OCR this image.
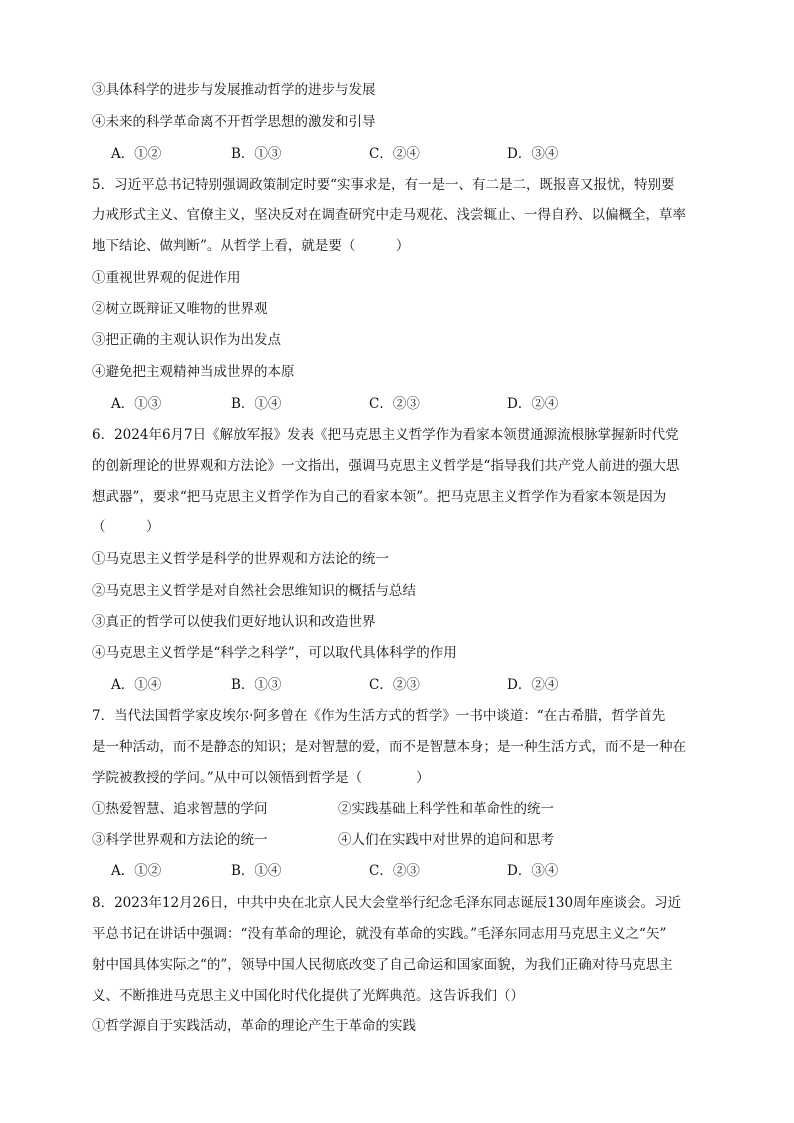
③具体科学的进步与发展推动哲学的进步与发展
④未来的科学革命离不开哲学思想的激发和引导
A．①②	B．①③	C．②④	D．③④
5．习近平总书记特别强调政策制定时要“实事求是，有一是一、有二是二，既报喜又报忧，特别要
力戒形式主义、官僚主义，坚决反对在调查研究中走马观花、浅尝辄止、一得自矜、以偏概全，草率
地下结论、做判断”。从哲学上看，就是要（　　　）
①重视世界观的促进作用
②树立既辩证又唯物的世界观
③把正确的主观认识作为出发点
④避免把主观精神当成世界的本原
A．①③	B．①④	C．②③	D．②④
6．2024年6月7日《解放军报》发表《把马克思主义哲学作为看家本领贯通源流根脉掌握新时代党
的创新理论的世界观和方法论》一文指出，强调马克思主义哲学是“指导我们共产党人前进的强大思
想武器”，要求“把马克思主义哲学作为自己的看家本领”。把马克思主义哲学作为看家本领是因为
（　　　）
①马克思主义哲学是科学的世界观和方法论的统一
②马克思主义哲学是对自然社会思维知识的概括与总结
③真正的哲学可以使我们更好地认识和改造世界
④马克思主义哲学是“科学之科学”，可以取代具体科学的作用
A．①④	B．①③	C．②③	D．②④
7．当代法国哲学家皮埃尔·阿多曾在《作为生活方式的哲学》一书中谈道：“在古希腊，哲学首先
是一种活动，而不是静态的知识；是对智慧的爱，而不是智慧本身；是一种生活方式，而不是一种在
学院被教授的学问。”从中可以领悟到哲学是（　　　　）
①热爱智慧、追求智慧的学问	②实践基础上科学性和革命性的统一
③科学世界观和方法论的统一	④人们在实践中对世界的追问和思考
A．①②	B．①④	C．②③	D．③④
8．2023年12月26日，中共中央在北京人民大会堂举行纪念毛泽东同志诞辰130周年座谈会。习近
平总书记在讲话中强调：“没有革命的理论，就没有革命的实践。”毛泽东同志用马克思主义之“矢”
射中国具体实际之“的”，领导中国人民彻底改变了自己命运和国家面貌，为我们正确对待马克思主
义、不断推进马克思主义中国化时代化提供了光辉典范。这告诉我们（）
①哲学源自于实践活动，革命的理论产生于革命的实践
